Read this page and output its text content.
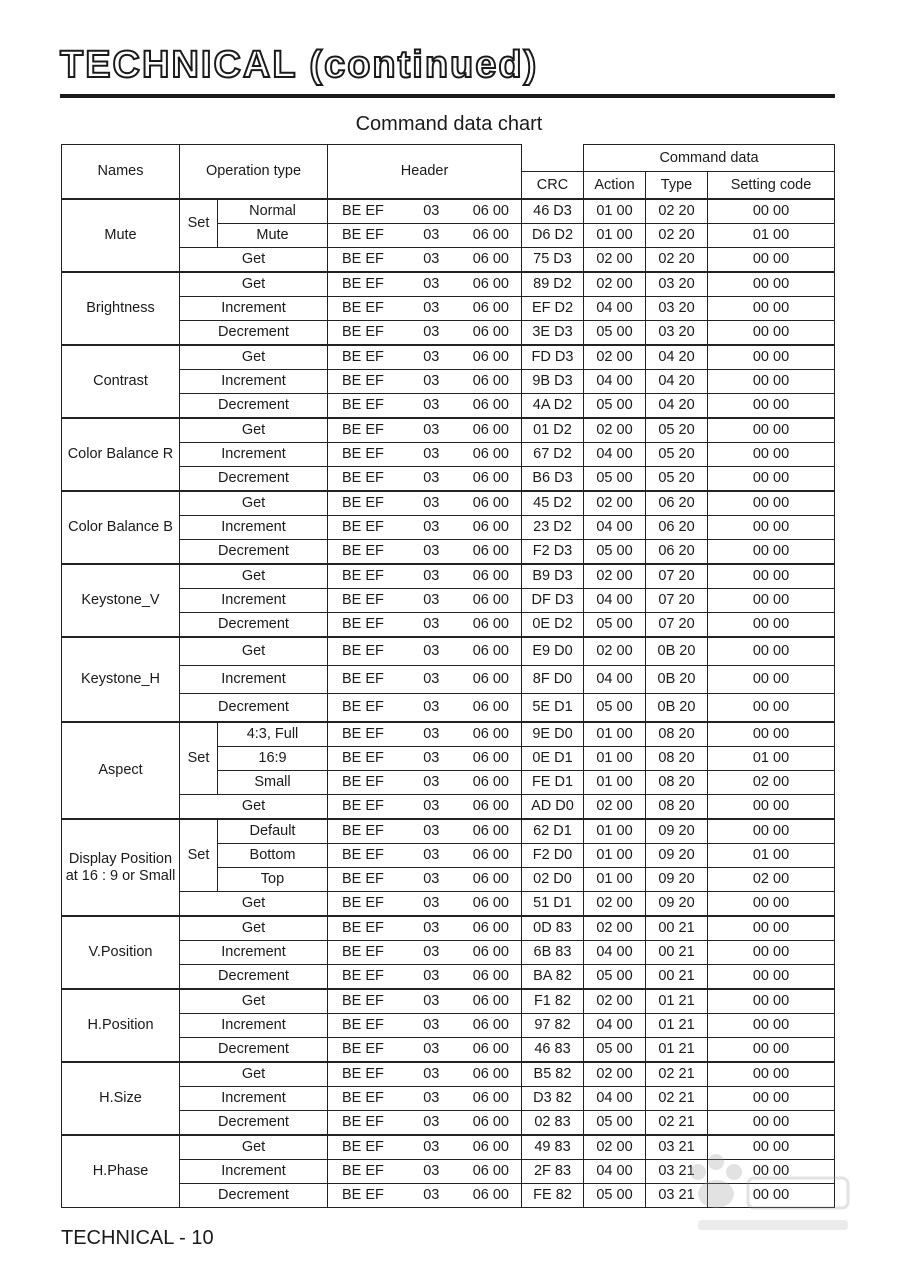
TECHNICAL (continued)
Command data chart
Names	Operation type		Header		Command data		
				CRC	Action	Type	Setting code
Mute	Set	Normal	BE EF 03 06 00	46 D3	01 00	02 20	00 00
		Mute	BE EF 03 06 00	D6 D2	01 00	02 20	01 00
	Get		BE EF 03 06 00	75 D3	02 00	02 20	00 00
Brightness	Get		BE EF 03 06 00	89 D2	02 00	03 20	00 00
	Increment		BE EF 03 06 00	EF D2	04 00	03 20	00 00
	Decrement		BE EF 03 06 00	3E D3	05 00	03 20	00 00
Contrast	Get		BE EF 03 06 00	FD D3	02 00	04 20	00 00
	Increment		BE EF 03 06 00	9B D3	04 00	04 20	00 00
	Decrement		BE EF 03 06 00	4A D2	05 00	04 20	00 00
Color Balance R	Get		BE EF 03 06 00	01 D2	02 00	05 20	00 00
	Increment		BE EF 03 06 00	67 D2	04 00	05 20	00 00
	Decrement		BE EF 03 06 00	B6 D3	05 00	05 20	00 00
Color Balance B	Get		BE EF 03 06 00	45 D2	02 00	06 20	00 00
	Increment		BE EF 03 06 00	23 D2	04 00	06 20	00 00
	Decrement		BE EF 03 06 00	F2 D3	05 00	06 20	00 00
Keystone_V	Get		BE EF 03 06 00	B9 D3	02 00	07 20	00 00
	Increment		BE EF 03 06 00	DF D3	04 00	07 20	00 00
	Decrement		BE EF 03 06 00	0E D2	05 00	07 20	00 00
Keystone_H	Get		BE EF 03 06 00	E9 D0	02 00	0B 20	00 00
	Increment		BE EF 03 06 00	8F D0	04 00	0B 20	00 00
	Decrement		BE EF 03 06 00	5E D1	05 00	0B 20	00 00
Aspect	Set	4:3, Full	BE EF 03 06 00	9E D0	01 00	08 20	00 00
		16:9	BE EF 03 06 00	0E D1	01 00	08 20	01 00
		Small	BE EF 03 06 00	FE D1	01 00	08 20	02 00
	Get		BE EF 03 06 00	AD D0	02 00	08 20	00 00
Display Position at 16 : 9 or Small	Set	Default	BE EF 03 06 00	62 D1	01 00	09 20	00 00
		Bottom	BE EF 03 06 00	F2 D0	01 00	09 20	01 00
		Top	BE EF 03 06 00	02 D0	01 00	09 20	02 00
	Get		BE EF 03 06 00	51 D1	02 00	09 20	00 00
V.Position	Get		BE EF 03 06 00	0D 83	02 00	00 21	00 00
	Increment		BE EF 03 06 00	6B 83	04 00	00 21	00 00
	Decrement		BE EF 03 06 00	BA 82	05 00	00 21	00 00
H.Position	Get		BE EF 03 06 00	F1 82	02 00	01 21	00 00
	Increment		BE EF 03 06 00	97 82	04 00	01 21	00 00
	Decrement		BE EF 03 06 00	46 83	05 00	01 21	00 00
H.Size	Get		BE EF 03 06 00	B5 82	02 00	02 21	00 00
	Increment		BE EF 03 06 00	D3 82	04 00	02 21	00 00
	Decrement		BE EF 03 06 00	02 83	05 00	02 21	00 00
H.Phase	Get		BE EF 03 06 00	49 83	02 00	03 21	00 00
	Increment		BE EF 03 06 00	2F 83	04 00	03 21	00 00
	Decrement		BE EF 03 06 00	FE 82	05 00	03 21	00 00
TECHNICAL - 10
